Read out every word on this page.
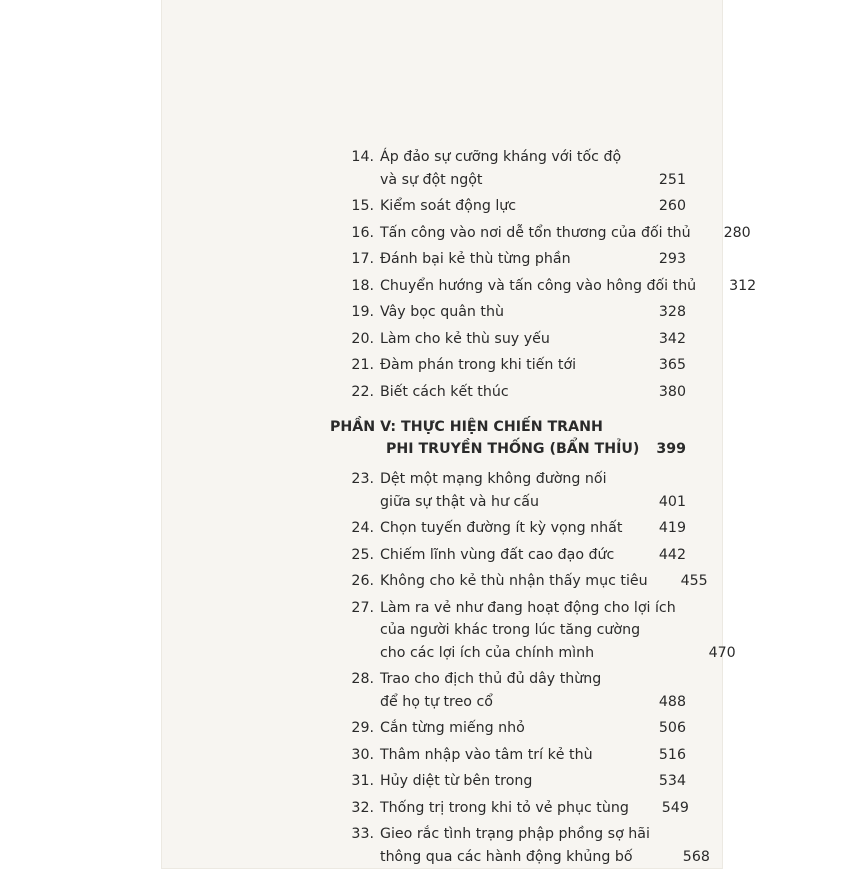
14. Áp đảo sự cưỡng kháng với tốc độ
và sự đột ngột	251
15. Kiểm soát động lực	260
16. Tấn công vào nơi dễ tổn thương của đối thủ	280
17. Đánh bại kẻ thù từng phần	293
18. Chuyển hướng và tấn công vào hông đối thủ	312
19. Vây bọc quân thù	328
20. Làm cho kẻ thù suy yếu	342
21. Đàm phán trong khi tiến tới	365
22. Biết cách kết thúc	380
PHẦN V: THỰC HIỆN CHIẾN TRANH
PHI TRUYỀN THỐNG (BẨN THỈU) 399
23. Dệt một mạng không đường nối
giữa sự thật và hư cấu	401
24. Chọn tuyến đường ít kỳ vọng nhất	419
25. Chiếm lĩnh vùng đất cao đạo đức	442
26. Không cho kẻ thù nhận thấy mục tiêu	455
27. Làm ra vẻ như đang hoạt động cho lợi ích
của người khác trong lúc tăng cường
cho các lợi ích của chính mình	470
28. Trao cho địch thủ đủ dây thừng
để họ tự treo cổ	488
29. Cắn từng miếng nhỏ	506
30. Thâm nhập vào tâm trí kẻ thù	516
31. Hủy diệt từ bên trong	534
32. Thống trị trong khi tỏ vẻ phục tùng	549
33. Gieo rắc tình trạng phập phồng sợ hãi
thông qua các hành động khủng bố	568
